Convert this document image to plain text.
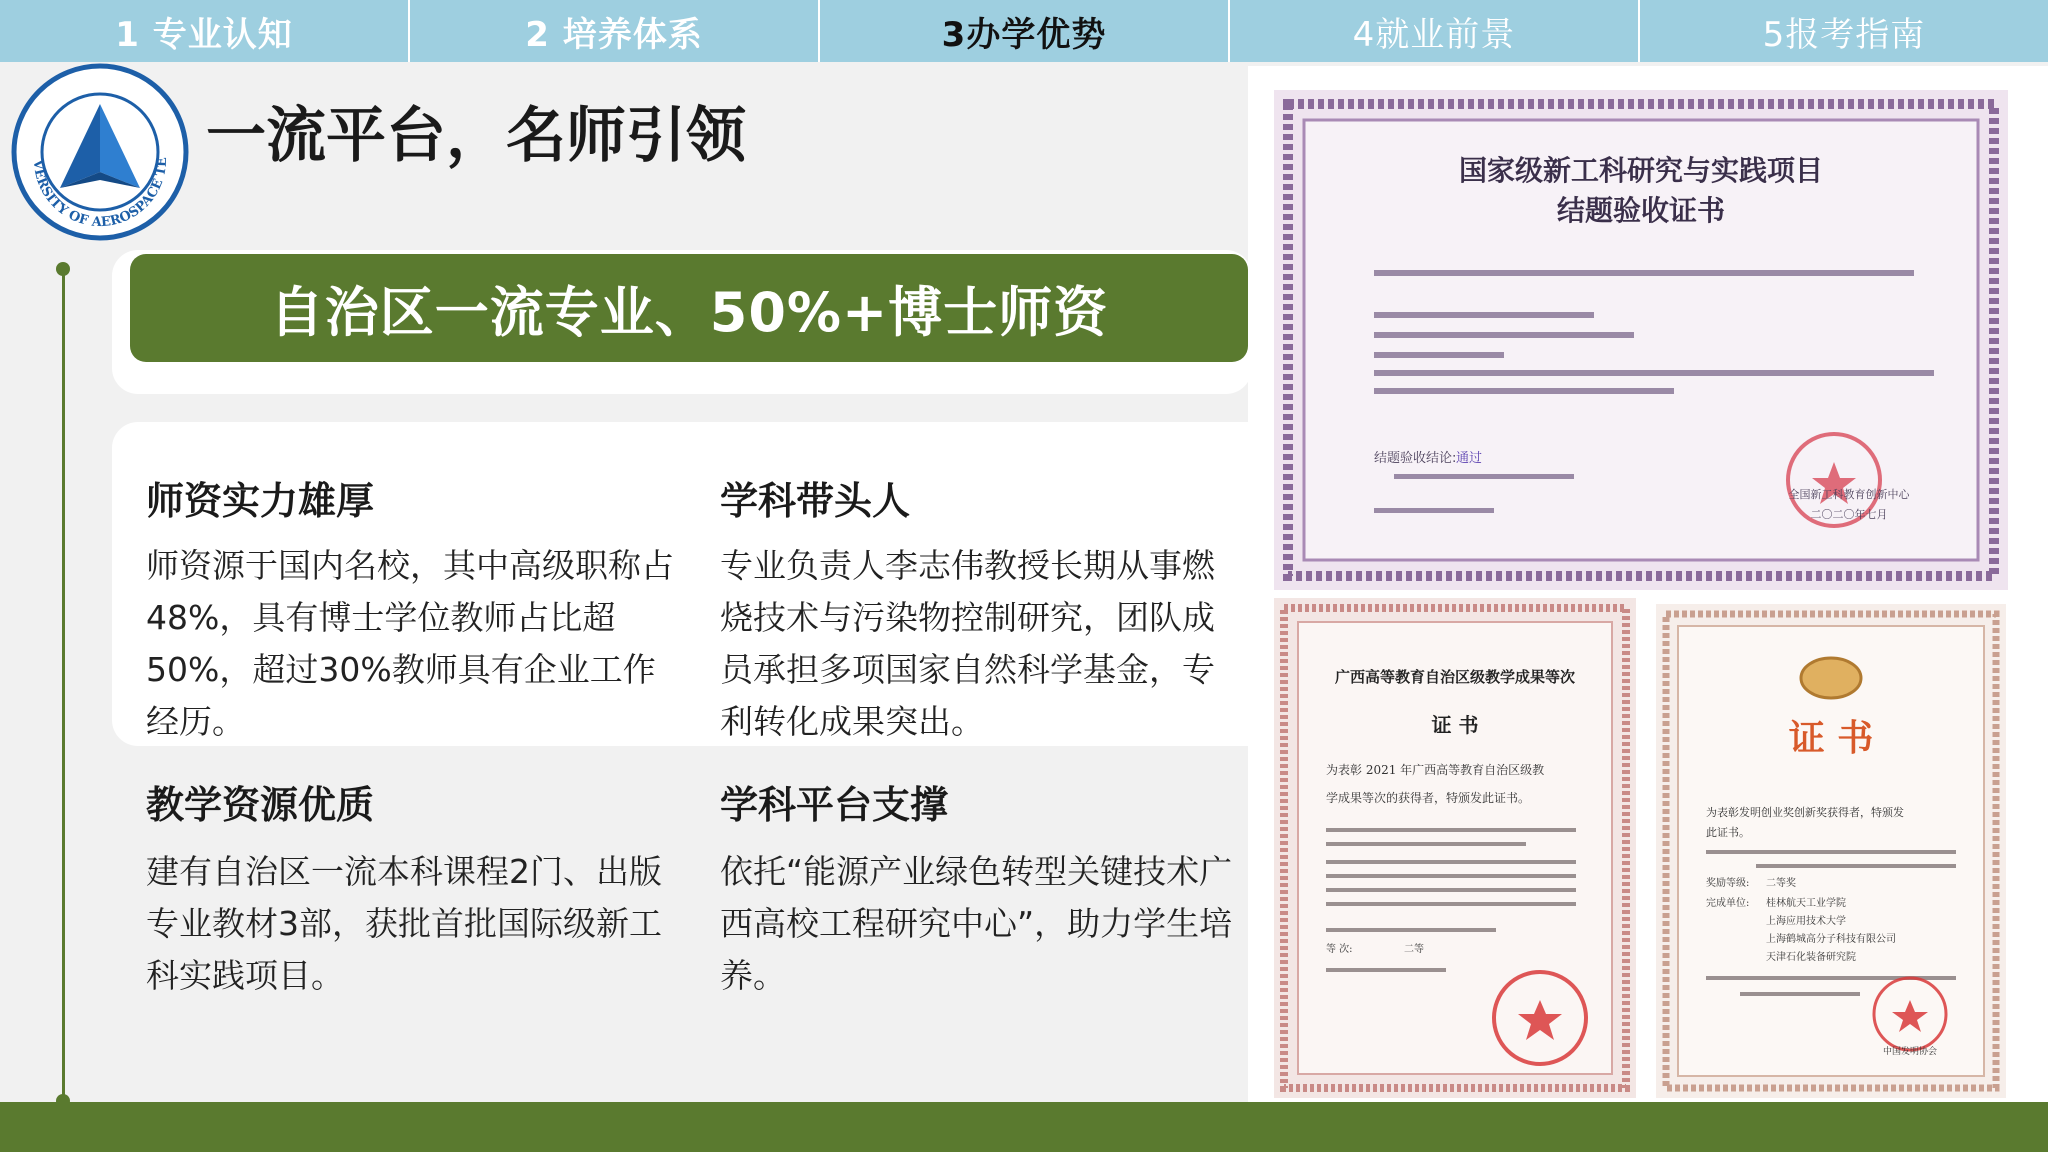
1 专业认知	2 培养体系	3办学优势	4就业前景	5报考指南
VERSITY OF AEROSPACE TE 一流平台，名师引领
自治区一流专业、50%+博士师资
师资实力雄厚
师资源于国内名校，其中高级职称占48%，具有博士学位教师占比超50%，超过30%教师具有企业工作经历。
学科带头人
专业负责人李志伟教授长期从事燃烧技术与污染物控制研究，团队成员承担多项国家自然科学基金，专利转化成果突出。
教学资源优质
建有自治区一流本科课程2门、出版专业教材3部，获批首批国际级新工科实践项目。
学科平台支撑
依托“能源产业绿色转型关键技术广西高校工程研究中心”，助力学生培养。
国家级新工科研究与实践项目
结题验收证书
结题验收结论: 通过
全国新工科教育创新中心
二〇二〇年七月
广西高等教育自治区级教学成果等次
证 书
为表彰 2021 年广西高等教育自治区级教
学成果等次的获得者，特颁发此证书。
等 次:	二等
证 书
为表彰发明创业奖创新奖获得者，特颁发
此证书。
奖励等级: 二等奖
完成单位: 桂林航天工业学院
上海应用技术大学
上海鹤城高分子科技有限公司
天津石化装备研究院
中国发明协会
